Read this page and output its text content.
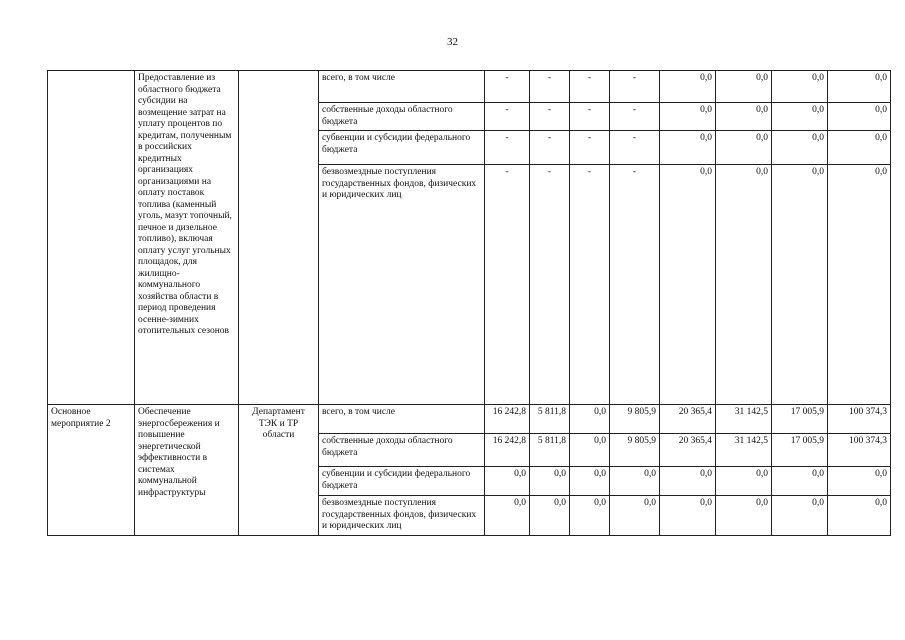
32
	Предоставление из областного бюджета субсидии на возмещение затрат на уплату процентов по кредитам, полученным в российских кредитных организациях организациями на оплату поставок топлива (каменный уголь, мазут топочный, печное и дизельное топливо), включая оплату услуг угольных площадок, для жилищно-коммунального хозяйства области в период проведения осенне-зимних отопительных сезонов		всего, в том числе	-	-	-	-	0,0	0,0	0,0	0,0
			собственные доходы областного бюджета	-	-	-	-	0,0	0,0	0,0	0,0
			субвенции и субсидии федерального бюджета	-	-	-	-	0,0	0,0	0,0	0,0
			безвозмездные поступления государственных фондов, физических и юридических лиц	-	-	-	-	0,0	0,0	0,0	0,0
Основное мероприятие 2	Обеспечение энергосбережения и повышение энергетической эффективности в системах коммунальной инфраструктуры	Департамент ТЭК и ТР области	всего, в том числе	16 242,8	5 811,8	0,0	9 805,9	20 365,4	31 142,5	17 005,9	100 374,3
			собственные доходы областного бюджета	16 242,8	5 811,8	0,0	9 805,9	20 365,4	31 142,5	17 005,9	100 374,3
			субвенции и субсидии федерального бюджета	0,0	0,0	0,0	0,0	0,0	0,0	0,0	0,0
			безвозмездные поступления государственных фондов, физических и юридических лиц	0,0	0,0	0,0	0,0	0,0	0,0	0,0	0,0
